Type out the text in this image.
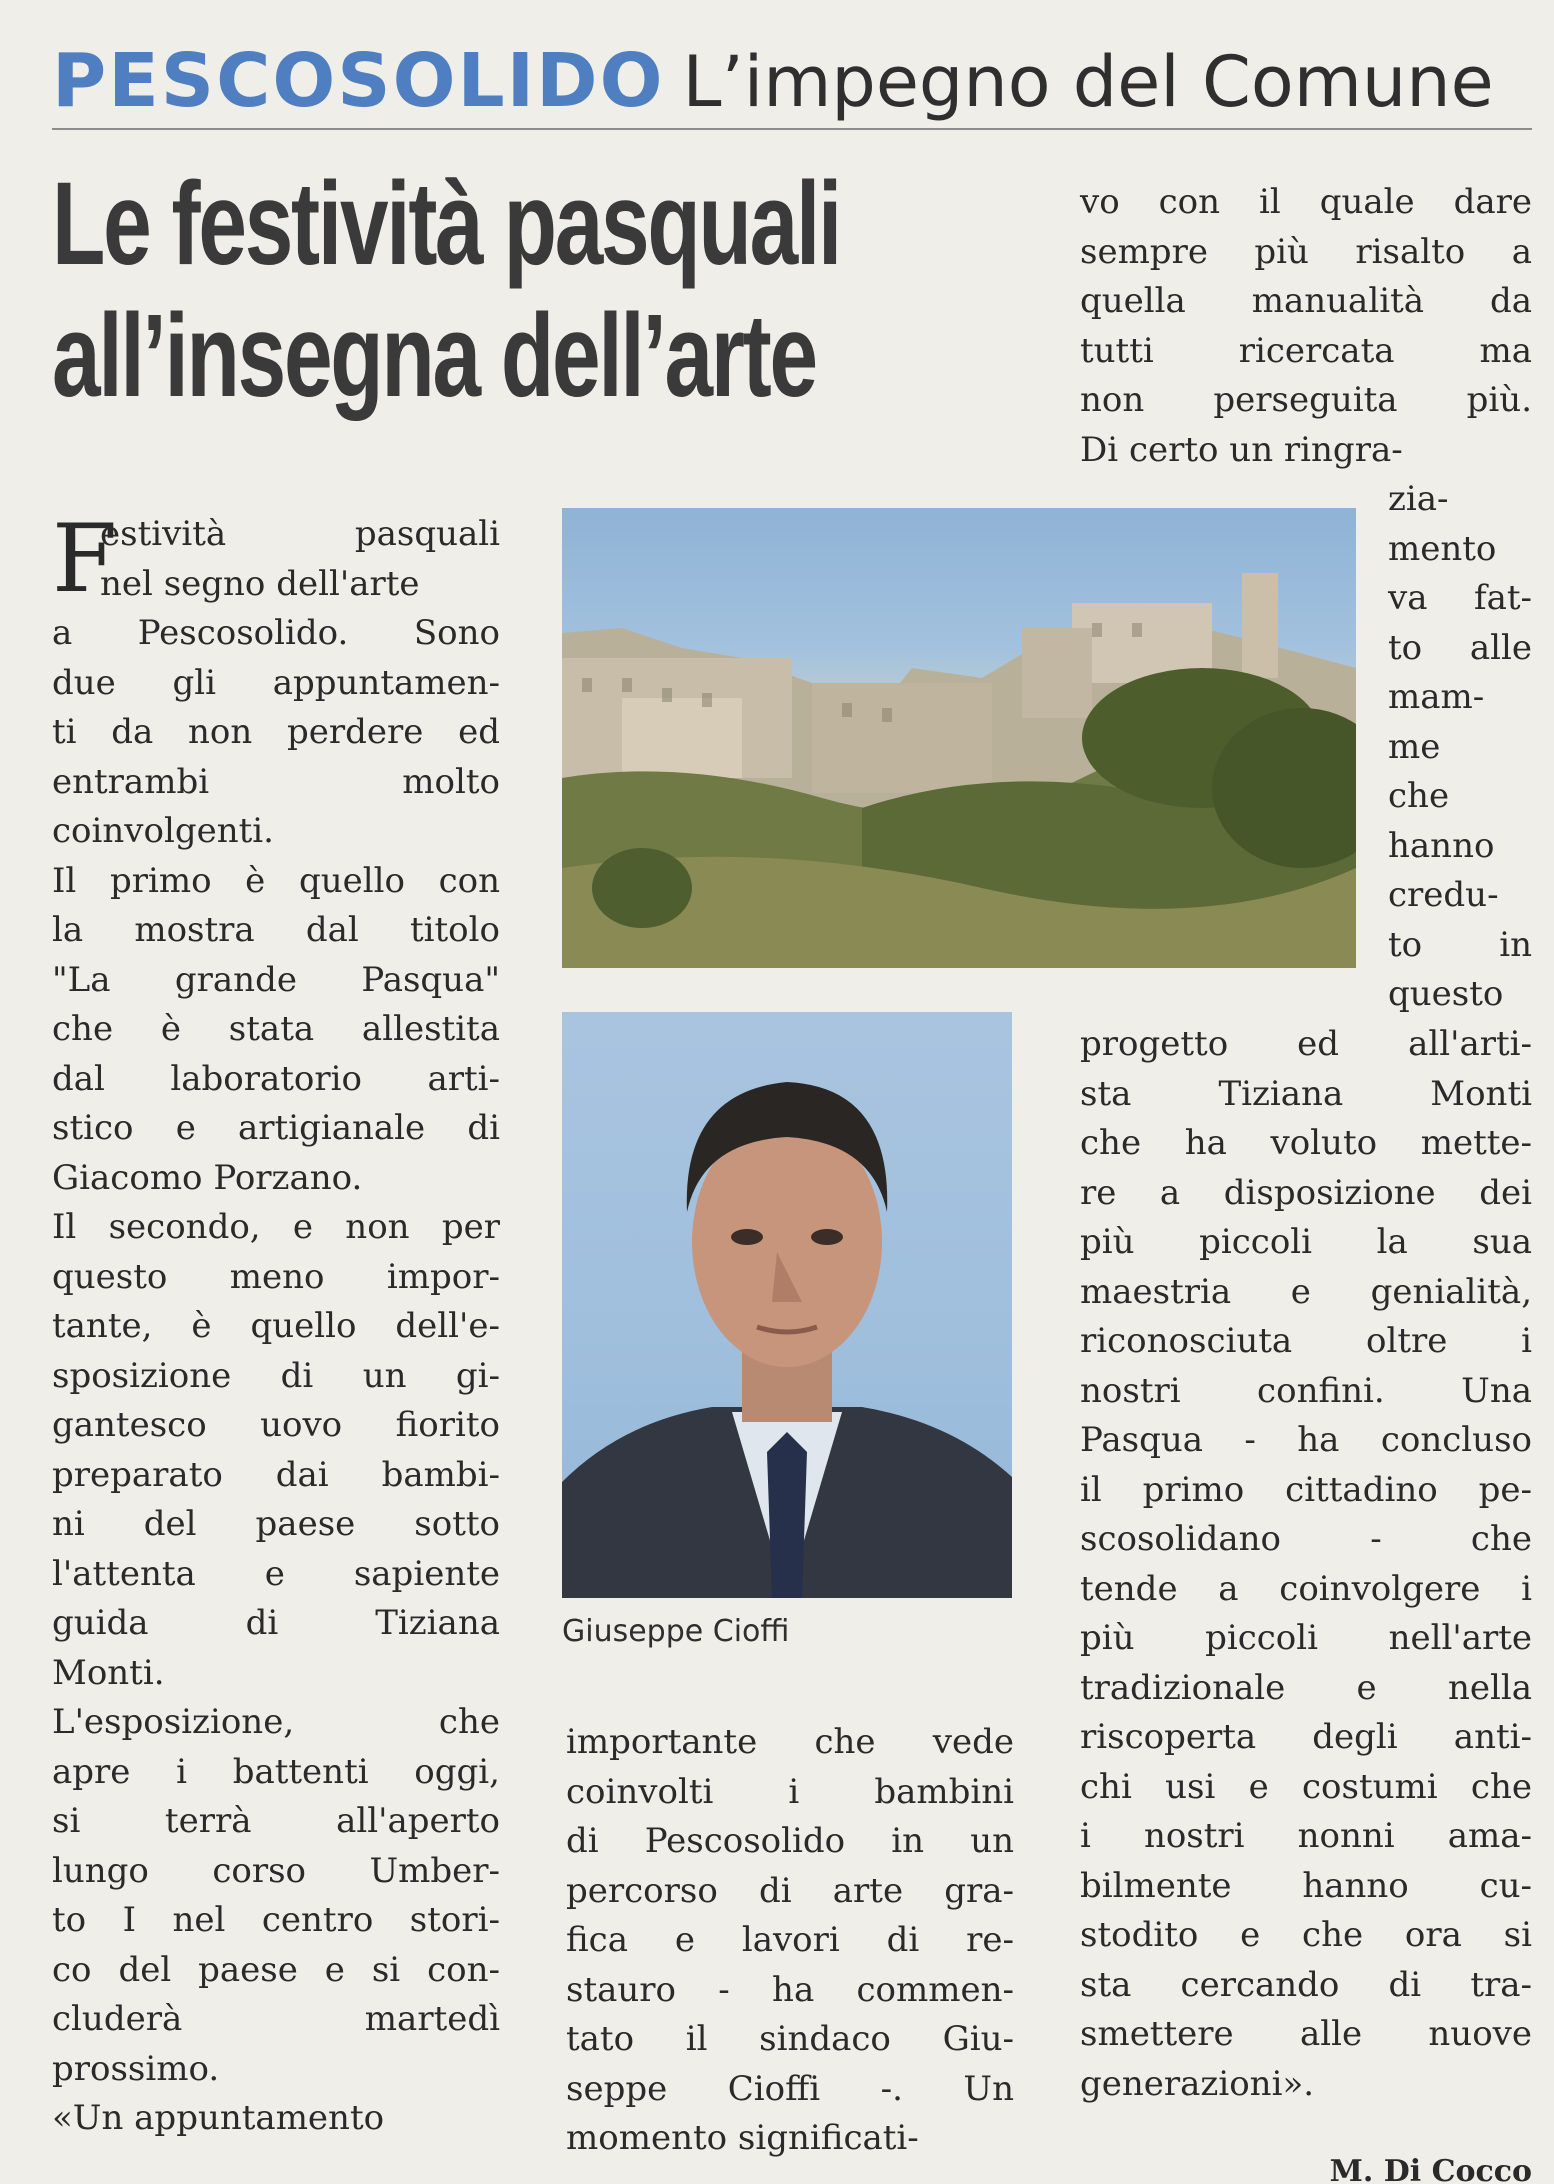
PESCOSOLIDO L’impegno del Comune
Le festività pasquali
all’insegna dell’arte
F
estività pasquali
nel segno dell'arte
a Pescosolido. Sono
due gli appuntamen-
ti da non perdere ed
entrambi molto
coinvolgenti.
Il primo è quello con
la mostra dal titolo
"La grande Pasqua"
che è stata allestita
dal laboratorio arti-
stico e artigianale di
Giacomo Porzano.
Il secondo, e non per
questo meno impor-
tante, è quello dell'e-
sposizione di un gi-
gantesco uovo fiorito
preparato dai bambi-
ni del paese sotto
l'attenta e sapiente
guida di Tiziana
Monti.
L'esposizione, che
apre i battenti oggi,
si terrà all'aperto
lungo corso Umber-
to I nel centro stori-
co del paese e si con-
cluderà martedì
prossimo.
«Un appuntamento
Giuseppe Cioffi
importante che vede
coinvolti i bambini
di Pescosolido in un
percorso di arte gra-
fica e lavori di re-
stauro - ha commen-
tato il sindaco Giu-
seppe Cioffi -. Un
momento significati-
vo con il quale dare
sempre più risalto a
quella manualità da
tutti ricercata ma
non perseguita più.
Di certo un ringra-
zia-
mento
va fat-
to alle
mam-
me
che
hanno
credu-
to in
questo
progetto ed all'arti-
sta Tiziana Monti
che ha voluto mette-
re a disposizione dei
più piccoli la sua
maestria e genialità,
riconosciuta oltre i
nostri confini. Una
Pasqua - ha concluso
il primo cittadino pe-
scosolidano - che
tende a coinvolgere i
più piccoli nell'arte
tradizionale e nella
riscoperta degli anti-
chi usi e costumi che
i nostri nonni ama-
bilmente hanno cu-
stodito e che ora si
sta cercando di tra-
smettere alle nuove
generazioni».
M. Di Cocco
